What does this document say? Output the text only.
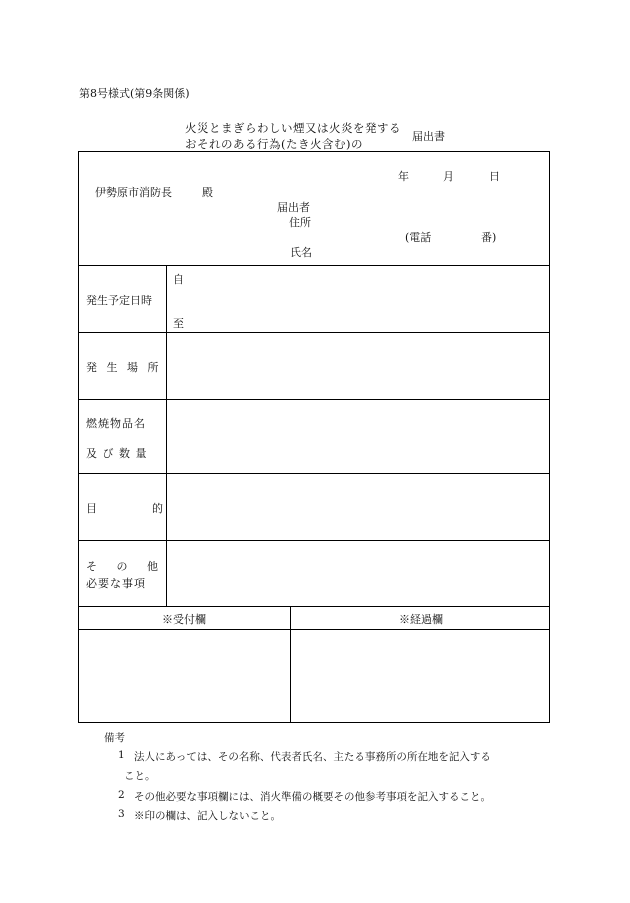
第8号様式(第9条関係)
火災とまぎらわしい煙又は火炎を発する
おそれのある行為(たき火含む)の
届出書
年	月	日
伊勢原市消防長	殿
届出者
住所
(電話	番)
氏名
発生予定日時
自
至
発 生 場 所
燃焼物品名
及 び 数 量
目	的
そ の 他
必要な事項
※受付欄	※経過欄
備考
1 法人にあっては、その名称、代表者氏名、主たる事務所の所在地を記入する
こと。
2 その他必要な事項欄には、消火準備の概要その他参考事項を記入すること。
3 ※印の欄は、記入しないこと。
